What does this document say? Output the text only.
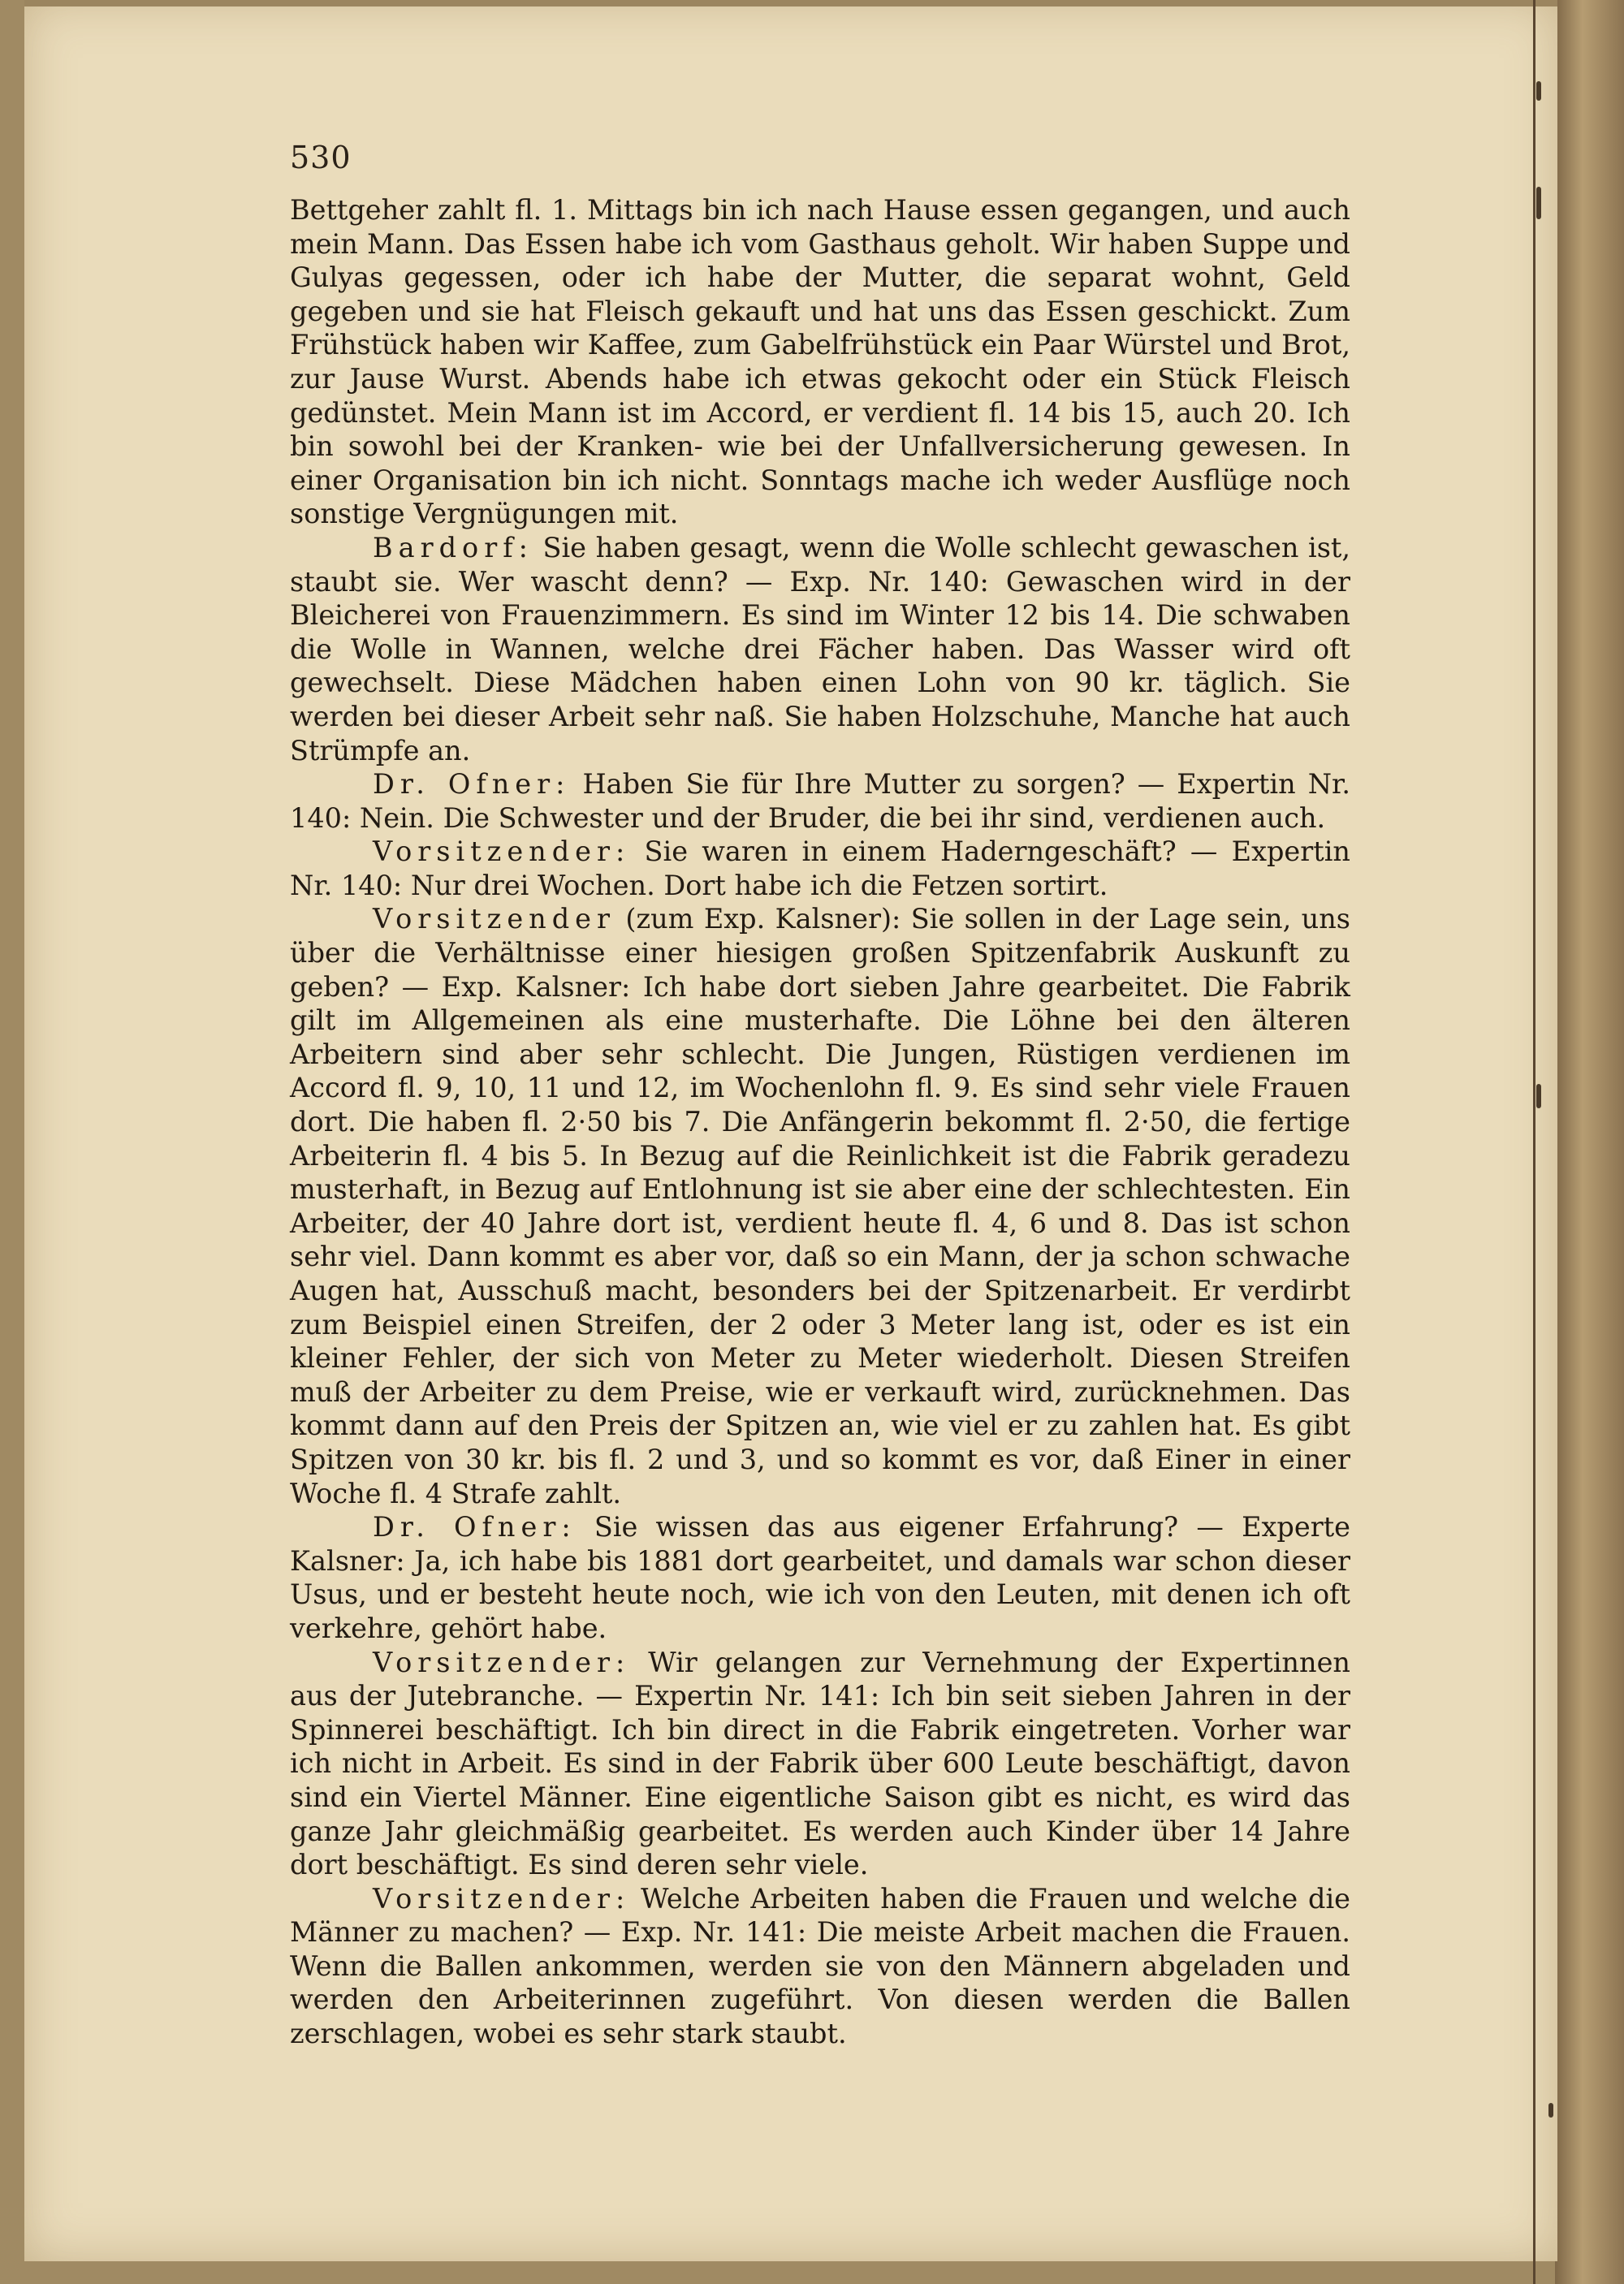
530

Bettgeher zahlt fl. 1. Mittags bin ich nach Hause essen gegangen, und auch mein Mann. Das Essen habe ich vom Gasthaus geholt. Wir haben Suppe und Gulyas gegessen, oder ich habe der Mutter, die separat wohnt, Geld gegeben und sie hat Fleisch gekauft und hat uns das Essen geschickt. Zum Frühstück haben wir Kaffee, zum Gabelfrühstück ein Paar Würstel und Brot, zur Jause Wurst. Abends habe ich etwas gekocht oder ein Stück Fleisch gedünstet. Mein Mann ist im Accord, er verdient fl. 14 bis 15, auch 20. Ich bin sowohl bei der Kranken- wie bei der Unfallversicherung gewesen. In einer Organisation bin ich nicht. Sonntags mache ich weder Ausflüge noch sonstige Vergnügungen mit.

Bardorf: Sie haben gesagt, wenn die Wolle schlecht gewaschen ist, staubt sie. Wer wascht denn? — Exp. Nr. 140: Gewaschen wird in der Bleicherei von Frauenzimmern. Es sind im Winter 12 bis 14. Die schwaben die Wolle in Wannen, welche drei Fächer haben. Das Wasser wird oft gewechselt. Diese Mädchen haben einen Lohn von 90 kr. täglich. Sie werden bei dieser Arbeit sehr naß. Sie haben Holzschuhe, Manche hat auch Strümpfe an.

Dr. Ofner: Haben Sie für Ihre Mutter zu sorgen? — Expertin Nr. 140: Nein. Die Schwester und der Bruder, die bei ihr sind, verdienen auch.

Vorsitzender: Sie waren in einem Haderngeschäft? — Expertin Nr. 140: Nur drei Wochen. Dort habe ich die Fetzen sortirt.

Vorsitzender (zum Exp. Kalsner): Sie sollen in der Lage sein, uns über die Verhältnisse einer hiesigen großen Spitzenfabrik Auskunft zu geben? — Exp. Kalsner: Ich habe dort sieben Jahre gearbeitet. Die Fabrik gilt im Allgemeinen als eine musterhafte. Die Löhne bei den älteren Arbeitern sind aber sehr schlecht. Die Jungen, Rüstigen verdienen im Accord fl. 9, 10, 11 und 12, im Wochenlohn fl. 9. Es sind sehr viele Frauen dort. Die haben fl. 2·50 bis 7. Die Anfängerin bekommt fl. 2·50, die fertige Arbeiterin fl. 4 bis 5. In Bezug auf die Reinlichkeit ist die Fabrik geradezu musterhaft, in Bezug auf Entlohnung ist sie aber eine der schlechtesten. Ein Arbeiter, der 40 Jahre dort ist, verdient heute fl. 4, 6 und 8. Das ist schon sehr viel. Dann kommt es aber vor, daß so ein Mann, der ja schon schwache Augen hat, Ausschuß macht, besonders bei der Spitzenarbeit. Er verdirbt zum Beispiel einen Streifen, der 2 oder 3 Meter lang ist, oder es ist ein kleiner Fehler, der sich von Meter zu Meter wiederholt. Diesen Streifen muß der Arbeiter zu dem Preise, wie er verkauft wird, zurücknehmen. Das kommt dann auf den Preis der Spitzen an, wie viel er zu zahlen hat. Es gibt Spitzen von 30 kr. bis fl. 2 und 3, und so kommt es vor, daß Einer in einer Woche fl. 4 Strafe zahlt.

Dr. Ofner: Sie wissen das aus eigener Erfahrung? — Experte Kalsner: Ja, ich habe bis 1881 dort gearbeitet, und damals war schon dieser Usus, und er besteht heute noch, wie ich von den Leuten, mit denen ich oft verkehre, gehört habe.

Vorsitzender: Wir gelangen zur Vernehmung der Expertinnen aus der Jutebranche. — Expertin Nr. 141: Ich bin seit sieben Jahren in der Spinnerei beschäftigt. Ich bin direct in die Fabrik eingetreten. Vorher war ich nicht in Arbeit. Es sind in der Fabrik über 600 Leute beschäftigt, davon sind ein Viertel Männer. Eine eigentliche Saison gibt es nicht, es wird das ganze Jahr gleichmäßig gearbeitet. Es werden auch Kinder über 14 Jahre dort beschäftigt. Es sind deren sehr viele.

Vorsitzender: Welche Arbeiten haben die Frauen und welche die Männer zu machen? — Exp. Nr. 141: Die meiste Arbeit machen die Frauen. Wenn die Ballen ankommen, werden sie von den Männern abgeladen und werden den Arbeiterinnen zugeführt. Von diesen werden die Ballen zerschlagen, wobei es sehr stark staubt.
